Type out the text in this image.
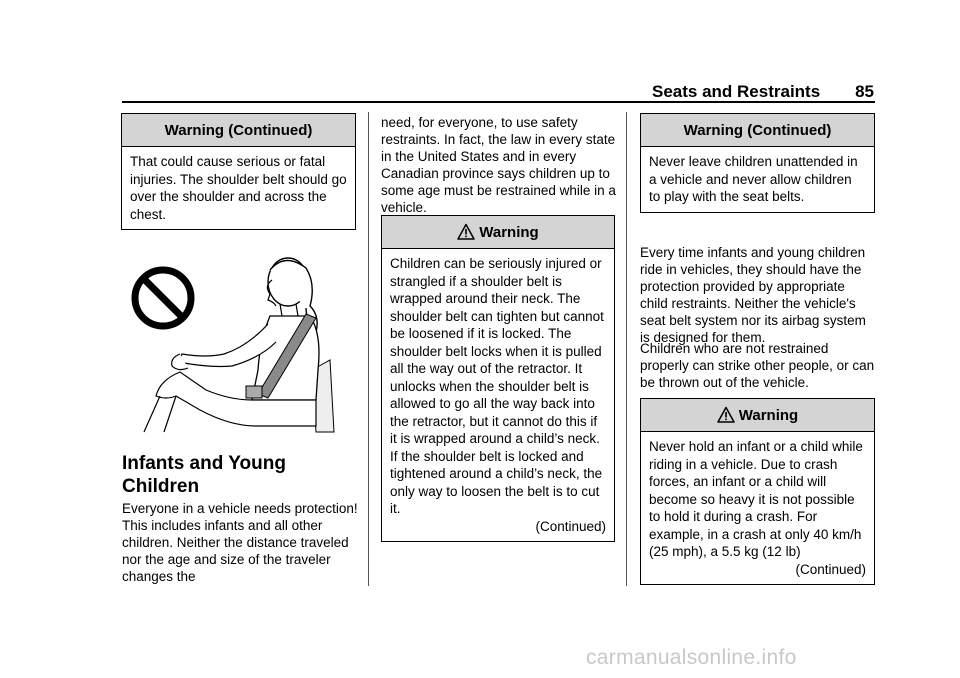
Seats and Restraints 85
Warning (Continued)
That could cause serious or fatal injuries. The shoulder belt should go over the shoulder and across the chest.
Infants and Young Children
Everyone in a vehicle needs protection! This includes infants and all other children. Neither the distance traveled nor the age and size of the traveler changes the
need, for everyone, to use safety restraints. In fact, the law in every state in the United States and in every Canadian province says children up to some age must be restrained while in a vehicle.
Warning
Children can be seriously injured or strangled if a shoulder belt is wrapped around their neck. The shoulder belt can tighten but cannot be loosened if it is locked. The shoulder belt locks when it is pulled all the way out of the retractor. It unlocks when the shoulder belt is allowed to go all the way back into the retractor, but it cannot do this if it is wrapped around a child’s neck. If the shoulder belt is locked and tightened around a child’s neck, the only way to loosen the belt is to cut it.
(Continued)
Warning (Continued)
Never leave children unattended in a vehicle and never allow children to play with the seat belts.
Every time infants and young children ride in vehicles, they should have the protection provided by appropriate child restraints. Neither the vehicle's seat belt system nor its airbag system is designed for them.
Children who are not restrained properly can strike other people, or can be thrown out of the vehicle.
Warning
Never hold an infant or a child while riding in a vehicle. Due to crash forces, an infant or a child will become so heavy it is not possible to hold it during a crash. For example, in a crash at only 40 km/h (25 mph), a 5.5 kg (12 lb)
(Continued)
carmanualsonline.info
